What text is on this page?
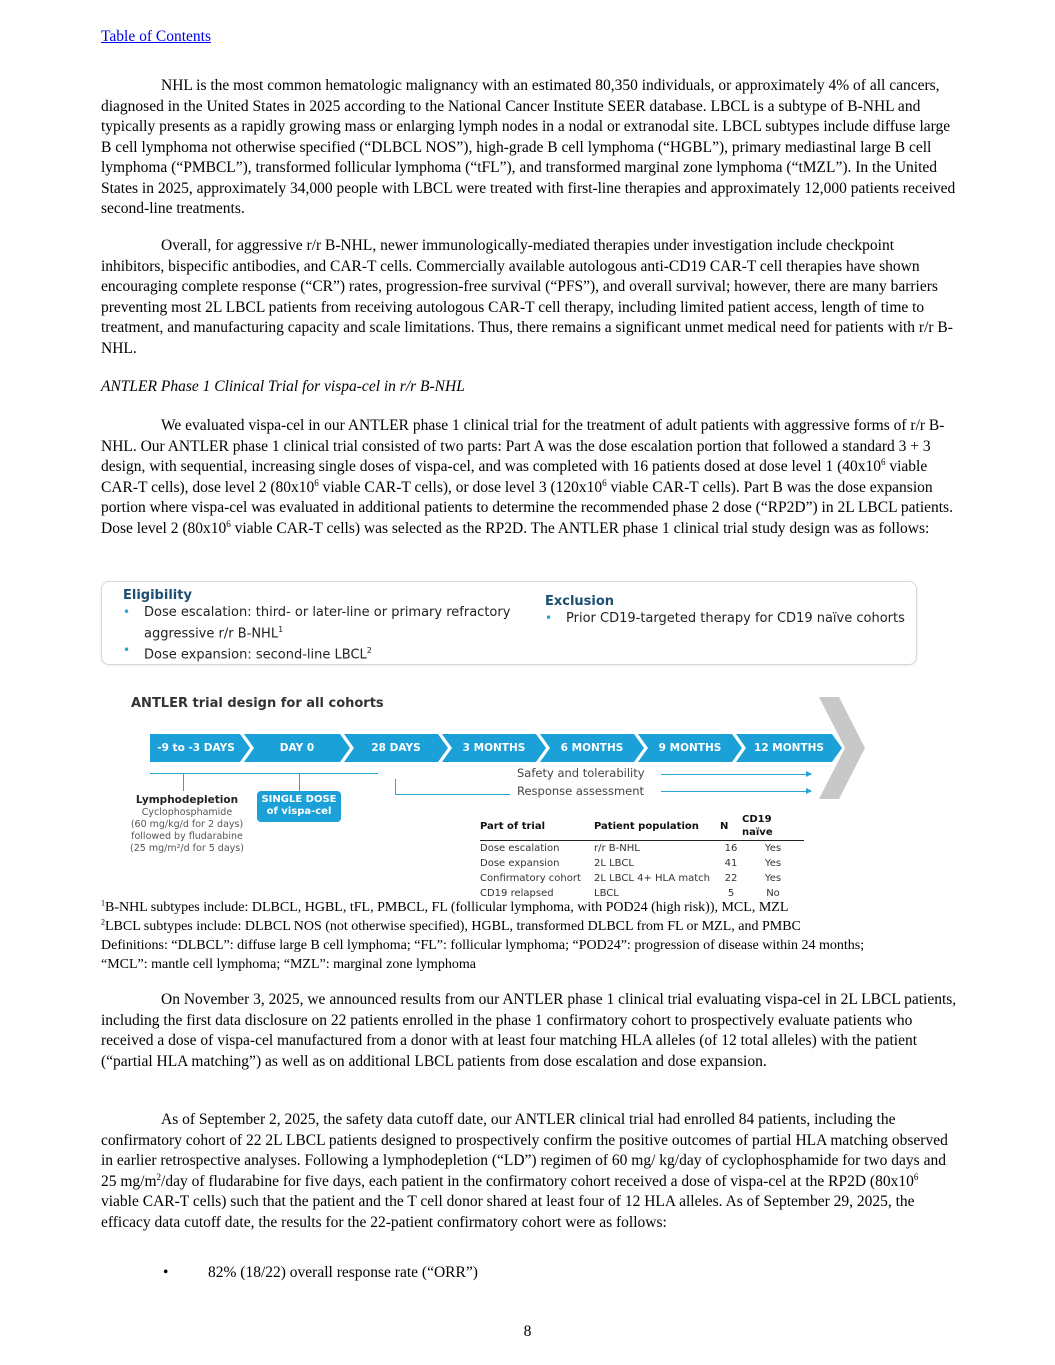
Table of Contents

NHL is the most common hematologic malignancy with an estimated 80,350 individuals, or approximately 4% of all cancers, diagnosed in the United States in 2025 according to the National Cancer Institute SEER database. LBCL is a subtype of B-NHL and typically presents as a rapidly growing mass or enlarging lymph nodes in a nodal or extranodal site. LBCL subtypes include diffuse large B cell lymphoma not otherwise specified (“DLBCL NOS”), high-grade B cell lymphoma (“HGBL”), primary mediastinal large B cell lymphoma (“PMBCL”), transformed follicular lymphoma (“tFL”), and transformed marginal zone lymphoma (“tMZL”). In the United States in 2025, approximately 34,000 people with LBCL were treated with first-line therapies and approximately 12,000 patients received second-line treatments.

Overall, for aggressive r/r B-NHL, newer immunologically-mediated therapies under investigation include checkpoint inhibitors, bispecific antibodies, and CAR-T cells. Commercially available autologous anti-CD19 CAR-T cell therapies have shown encouraging complete response (“CR”) rates, progression-free survival (“PFS”), and overall survival; however, there are many barriers preventing most 2L LBCL patients from receiving autologous CAR-T cell therapy, including limited patient access, length of time to treatment, and manufacturing capacity and scale limitations. Thus, there remains a significant unmet medical need for patients with r/r B-NHL.

ANTLER Phase 1 Clinical Trial for vispa-cel in r/r B-NHL

We evaluated vispa-cel in our ANTLER phase 1 clinical trial for the treatment of adult patients with aggressive forms of r/r B-NHL. Our ANTLER phase 1 clinical trial consisted of two parts: Part A was the dose escalation portion that followed a standard 3 + 3 design, with sequential, increasing single doses of vispa-cel, and was completed with 16 patients dosed at dose level 1 ($40x10^6$ viable CAR-T cells), dose level 2 ($80x10^6$ viable CAR-T cells), or dose level 3 ($120x10^6$ viable CAR-T cells). Part B was the dose expansion portion where vispa-cel was evaluated in additional patients to determine the recommended phase 2 dose (“RP2D”) in 2L LBCL patients. Dose level 2 ($80x10^6$ viable CAR-T cells) was selected as the RP2D. The ANTLER phase 1 clinical trial study design was as follows:

Eligibility
• Dose escalation: third- or later-line or primary refractory aggressive r/r B-NHL$^1$
• Dose expansion: second-line LBCL$^2$
Exclusion
• Prior CD19-targeted therapy for CD19 naïve cohorts
ANTLER trial design for all cohorts
-9 to -3 DAYS	DAY 0	28 DAYS	3 MONTHS	6 MONTHS	9 MONTHS	12 MONTHS
Safety and tolerability
Response assessment
Lymphodepletion
Cyclophosphamide
(60 mg/kg/d for 2 days)
followed by fludarabine
(25 mg/m²/d for 5 days)
SINGLE DOSE
of vispa-cel
Part of trial	Patient population	N	CD19 naïve
Dose escalation	r/r B-NHL	16	Yes
Dose expansion	2L LBCL	41	Yes
Confirmatory cohort	2L LBCL 4+ HLA match	22	Yes
CD19 relapsed	LBCL	5	No
$^1$B-NHL subtypes include: DLBCL, HGBL, tFL, PMBCL, FL (follicular lymphoma, with POD24 (high risk)), MCL, MZL
$^2$LBCL subtypes include: DLBCL NOS (not otherwise specified), HGBL, transformed DLBCL from FL or MZL, and PMBC
Definitions: “DLBCL”: diffuse large B cell lymphoma; “FL”: follicular lymphoma; “POD24”: progression of disease within 24 months;
“MCL”: mantle cell lymphoma; “MZL”: marginal zone lymphoma

On November 3, 2025, we announced results from our ANTLER phase 1 clinical trial evaluating vispa-cel in 2L LBCL patients, including the first data disclosure on 22 patients enrolled in the phase 1 confirmatory cohort to prospectively evaluate patients who received a dose of vispa-cel manufactured from a donor with at least four matching HLA alleles (of 12 total alleles) with the patient (“partial HLA matching”) as well as on additional LBCL patients from dose escalation and dose expansion.

As of September 2, 2025, the safety data cutoff date, our ANTLER clinical trial had enrolled 84 patients, including the confirmatory cohort of 22 2L LBCL patients designed to prospectively confirm the positive outcomes of partial HLA matching observed in earlier retrospective analyses. Following a lymphodepletion (“LD”) regimen of 60 mg/ kg/day of cyclophosphamide for two days and 25 $mg/m^2$/day of fludarabine for five days, each patient in the confirmatory cohort received a dose of vispa-cel at the RP2D ($80x10^6$ viable CAR-T cells) such that the patient and the T cell donor shared at least four of 12 HLA alleles. As of September 29, 2025, the efficacy data cutoff date, the results for the 22-patient confirmatory cohort were as follows:

•	82% (18/22) overall response rate (“ORR”)
8
